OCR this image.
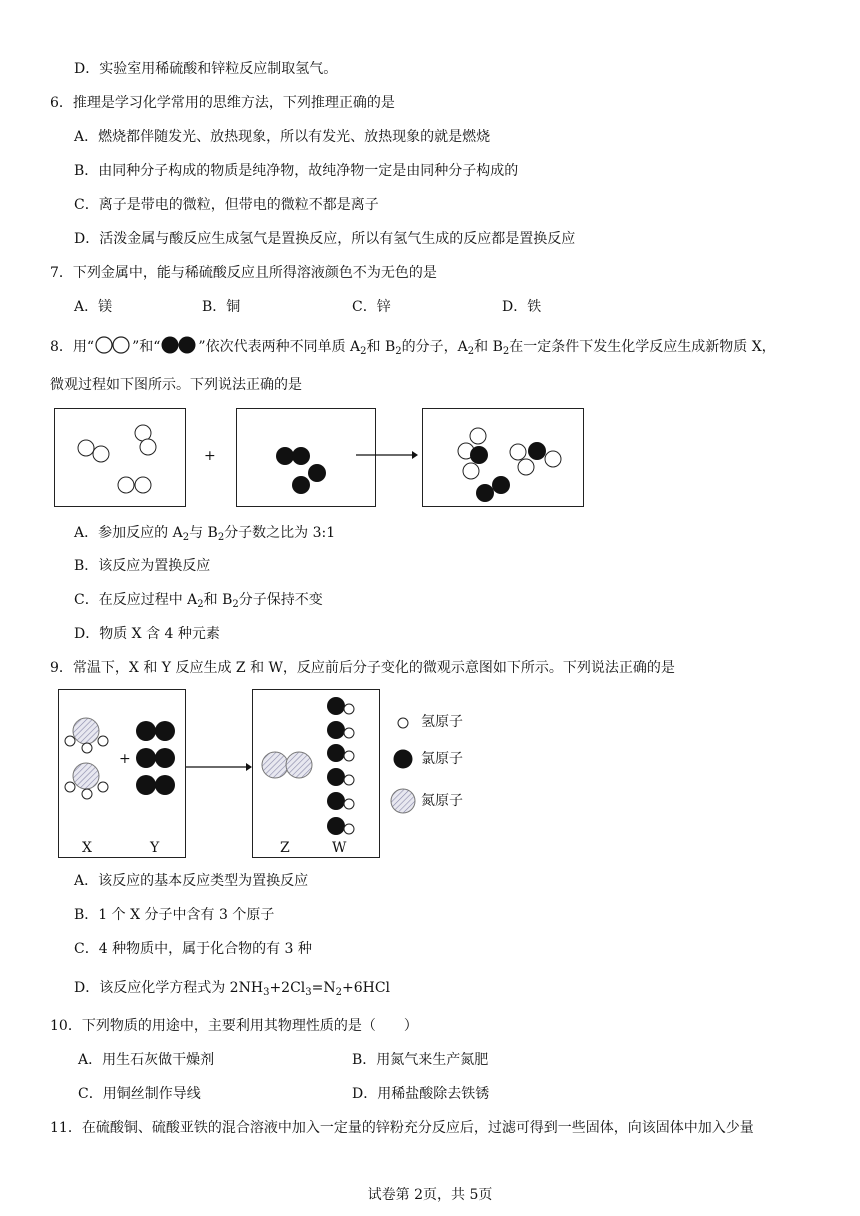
D．实验室用稀硫酸和锌粒反应制取氢气。
6．推理是学习化学常用的思维方法，下列推理正确的是
A．燃烧都伴随发光、放热现象，所以有发光、放热现象的就是燃烧
B．由同种分子构成的物质是纯净物，故纯净物一定是由同种分子构成的
C．离子是带电的微粒，但带电的微粒不都是离子
D．活泼金属与酸反应生成氢气是置换反应，所以有氢气生成的反应都是置换反应
7．下列金属中，能与稀硫酸反应且所得溶液颜色不为无色的是
A．镁	B．铜	C．锌	D．铁
8．用“	”和“	”依次代表两种不同单质 $A_2$和 $B_2$的分子，$A_2$和 $B_2$在一定条件下发生化学反应生成新物质 X，
微观过程如下图所示。下列说法正确的是
+
A．参加反应的 $A_2$与 $B_2$分子数之比为 3:1
B．该反应为置换反应
C．在反应过程中 $A_2$和 $B_2$分子保持不变
D．物质 X 含 4 种元素
9．常温下，X 和 Y 反应生成 Z 和 W，反应前后分子变化的微观示意图如下所示。下列说法正确的是
+
X	Y	Z	W
氢原子
氯原子
氮原子
A．该反应的基本反应类型为置换反应
B．1 个 X 分子中含有 3 个原子
C．4 种物质中，属于化合物的有 3 种
D．该反应化学方程式为 $2NH_3+2Cl_3=N_2+6HCl$
10．下列物质的用途中，主要利用其物理性质的是（　　）
A．用生石灰做干燥剂	B．用氮气来生产氮肥
C．用铜丝制作导线	D．用稀盐酸除去铁锈
11．在硫酸铜、硫酸亚铁的混合溶液中加入一定量的锌粉充分反应后，过滤可得到一些固体，向该固体中加入少量
试卷第 2页，共 5页
